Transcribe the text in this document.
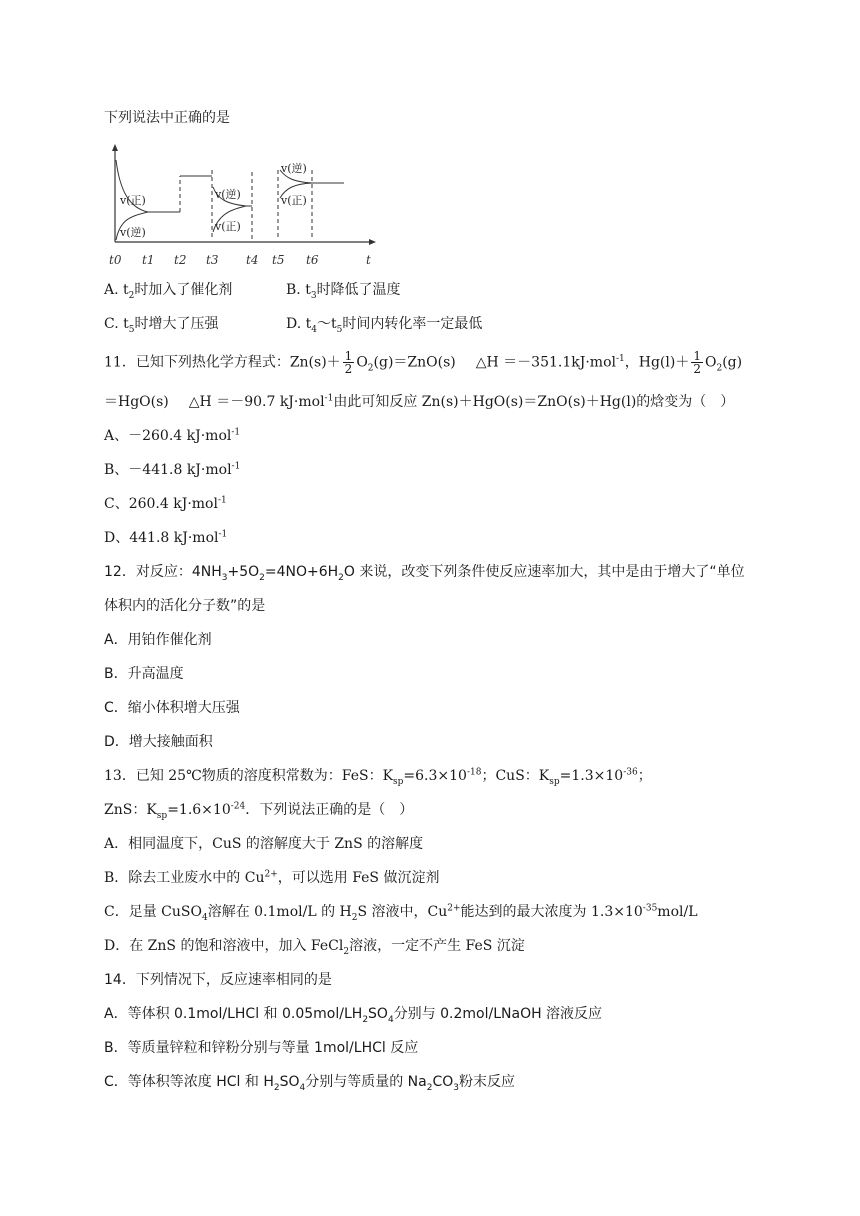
下列说法中正确的是
v(正)
v(逆)
v(逆)
v(正)
v(逆)
v(正)
t0 t1 t2 t3 t4 t5 t6	t
A. $t_2$时加入了催化剂	B. $t_3$时降低了温度
C. $t_5$时增大了压强	D. $t_4\sim t_5$时间内转化率一定最低
11．已知下列热化学方程式：$Zn(s)+ \frac{1}{2} O_2(g)=ZnO(s)$ △H ＝－351.1kJ·mol$^{-1}$，$Hg(l)+ \frac{1}{2} O_2(g)$
＝HgO(s) △H ＝－90.7 kJ·mol$^{-1}$由此可知反应 Zn(s)＋HgO(s)＝ZnO(s)＋Hg(l)的焓变为（　）
A、－260.4 kJ·mol$^{-1}$
B、－441.8 kJ·mol$^{-1}$
C、260.4 kJ·mol$^{-1}$
D、441.8 kJ·mol$^{-1}$
12．对反应：$4NH_3+5O_2=4NO+6H_2O$ 来说，改变下列条件使反应速率加大，其中是由于增大了“单位
体积内的活化分子数”的是
A．用铂作催化剂
B．升高温度
C．缩小体积增大压强
D．增大接触面积
13．已知 25℃物质的溶度积常数为：FeS：$K_{sp}=6.3\times 10^{-18}$；CuS：$K_{sp}=1.3\times 10^{-36}$；
ZnS：$K_{sp}=1.6\times 10^{-24}$．下列说法正确的是（　）
A．相同温度下，CuS 的溶解度大于 ZnS 的溶解度
B．除去工业废水中的 $Cu^{2+}$，可以选用 FeS 做沉淀剂
C．足量 CuSO$_4$溶解在 0.1mol/L 的 $H_2S$ 溶液中，$Cu^{2+}$能达到的最大浓度为 $1.3\times 10^{-35}mol/L$
D．在 ZnS 的饱和溶液中，加入 FeCl$_2$溶液，一定不产生 FeS 沉淀
14．下列情况下，反应速率相同的是
A．等体积 0.1mol/LHCl 和 $0.05mol/LH_2SO_4$分别与 0.2mol/LNaOH 溶液反应
B．等质量锌粒和锌粉分别与等量 1mol/LHCl 反应
C．等体积等浓度 HCl 和 $H_2SO_4$分别与等质量的 $Na_2CO_3$粉末反应
